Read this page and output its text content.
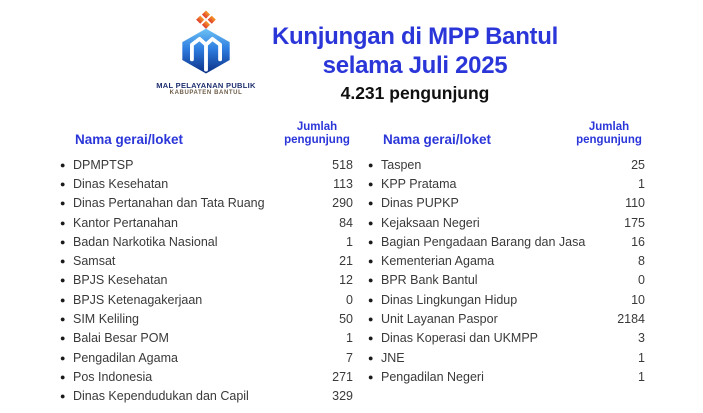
MAL PELAYANAN PUBLIK
KABUPATEN BANTUL
Kunjungan di MPP Bantul
selama Juli 2025
4.231 pengunjung
Nama gerai/loket
Jumlah pengunjung
● DPMPTSP	518
● Dinas Kesehatan	113
● Dinas Pertanahan dan Tata Ruang	290
● Kantor Pertanahan	84
● Badan Narkotika Nasional	1
● Samsat	21
● BPJS Kesehatan	12
● BPJS Ketenagakerjaan	0
● SIM Keliling	50
● Balai Besar POM	1
● Pengadilan Agama	7
● Pos Indonesia	271
● Dinas Kependudukan dan Capil	329
Nama gerai/loket
Jumlah pengunjung
● Taspen	25
● KPP Pratama	1
● Dinas PUPKP	110
● Kejaksaan Negeri	175
● Bagian Pengadaan Barang dan Jasa	16
● Kementerian Agama	8
● BPR Bank Bantul	0
● Dinas Lingkungan Hidup	10
● Unit Layanan Paspor	2184
● Dinas Koperasi dan UKMPP	3
● JNE	1
● Pengadilan Negeri	1
